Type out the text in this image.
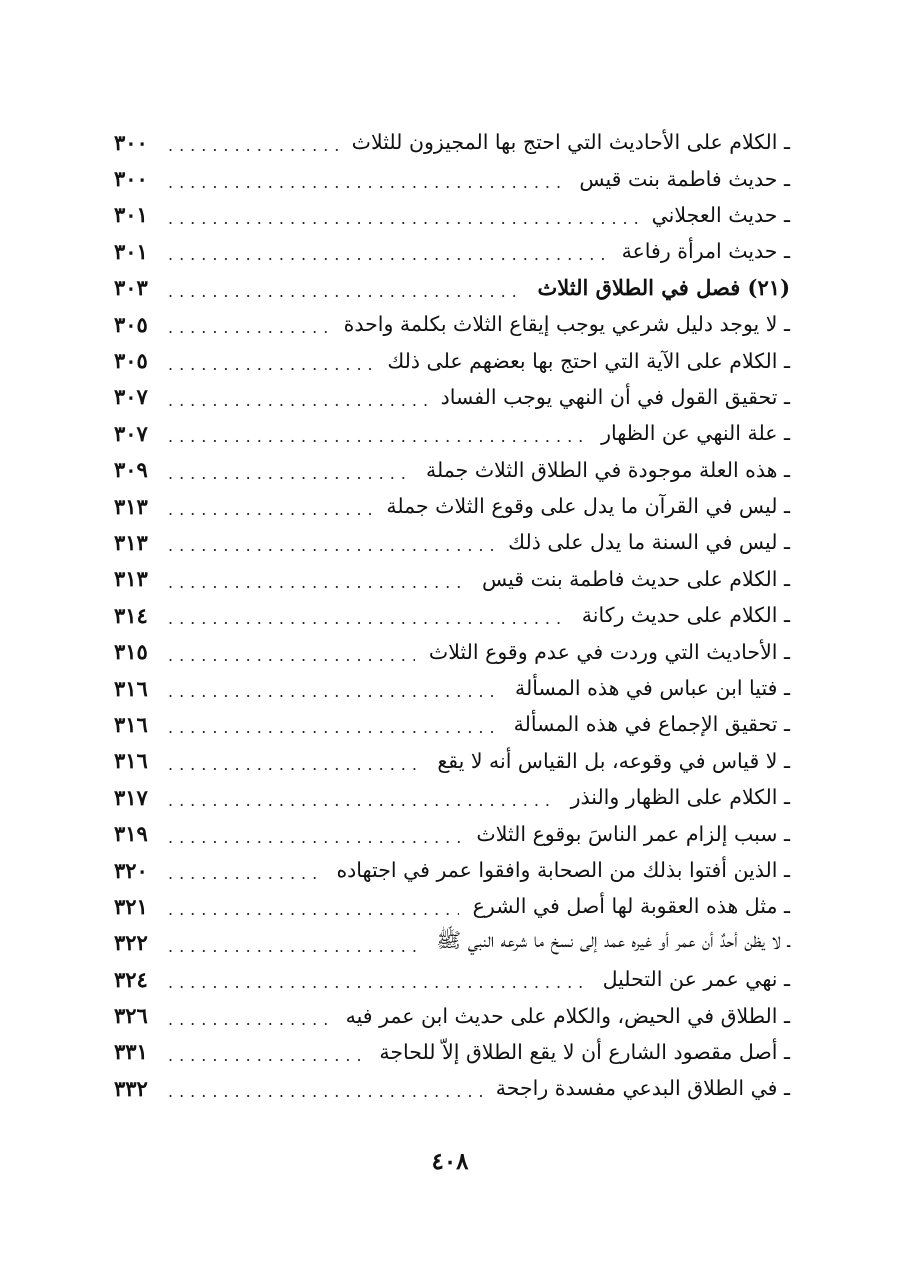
ـ الكلام على الأحاديث التي احتج بها المجيزون للثلاث
.....
٣٠٠
ـ حديث فاطمة بنت قيس
.....
٣٠٠
ـ حديث العجلاني
.....
٣٠١
ـ حديث امرأة رفاعة
.....
٣٠١
(٢١) فصل في الطلاق الثلاث
.....
٣٠٣
ـ لا يوجد دليل شرعي يوجب إيقاع الثلاث بكلمة واحدة
.....
٣٠٥
ـ الكلام على الآية التي احتج بها بعضهم على ذلك
.....
٣٠٥
ـ تحقيق القول في أن النهي يوجب الفساد
.....
٣٠٧
ـ علة النهي عن الظهار
.....
٣٠٧
ـ هذه العلة موجودة في الطلاق الثلاث جملة
.....
٣٠٩
ـ ليس في القرآن ما يدل على وقوع الثلاث جملة
.....
٣١٣
ـ ليس في السنة ما يدل على ذلك
.....
٣١٣
ـ الكلام على حديث فاطمة بنت قيس
.....
٣١٣
ـ الكلام على حديث ركانة
.....
٣١٤
ـ الأحاديث التي وردت في عدم وقوع الثلاث
.....
٣١٥
ـ فتيا ابن عباس في هذه المسألة
.....
٣١٦
ـ تحقيق الإجماع في هذه المسألة
.....
٣١٦
ـ لا قياس في وقوعه، بل القياس أنه لا يقع
.....
٣١٦
ـ الكلام على الظهار والنذر
.....
٣١٧
ـ سبب إلزام عمر الناسَ بوقوع الثلاث
.....
٣١٩
ـ الذين أفتوا بذلك من الصحابة وافقوا عمر في اجتهاده
.....
٣٢٠
ـ مثل هذه العقوبة لها أصل في الشرع
.....
٣٢١
ـ لا يظن أحدٌ أن عمر أو غيره عمد إلى نسخ ما شرعه النبي ﷺ
.....
٣٢٢
ـ نهي عمر عن التحليل
.....
٣٢٤
ـ الطلاق في الحيض، والكلام على حديث ابن عمر فيه
.....
٣٢٦
ـ أصل مقصود الشارع أن لا يقع الطلاق إلاّ للحاجة
.....
٣٣١
ـ في الطلاق البدعي مفسدة راجحة
.....
٣٣٢
٤٠٨
